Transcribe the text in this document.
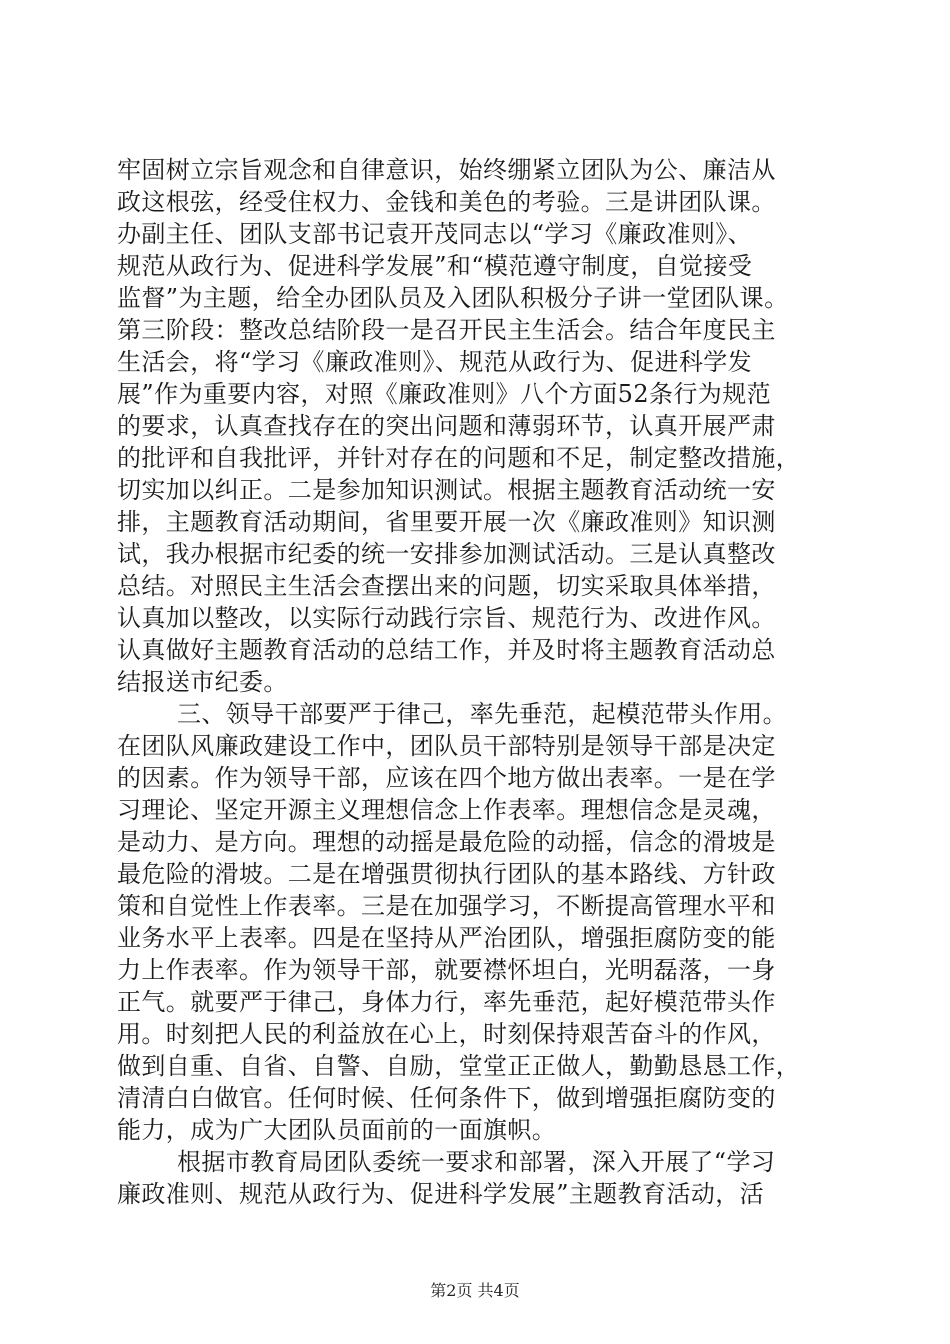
牢固树立宗旨观念和自律意识，始终绷紧立团队为公、廉洁从
政这根弦，经受住权力、金钱和美色的考验。三是讲团队课。
办副主任、团队支部书记袁开茂同志以“学习《廉政准则》、
规范从政行为、促进科学发展”和“模范遵守制度，自觉接受
监督”为主题，给全办团队员及入团队积极分子讲一堂团队课。
第三阶段：整改总结阶段一是召开民主生活会。结合年度民主
生活会，将“学习《廉政准则》、规范从政行为、促进科学发
展”作为重要内容，对照《廉政准则》八个方面52条行为规范
的要求，认真查找存在的突出问题和薄弱环节，认真开展严肃
的批评和自我批评，并针对存在的问题和不足，制定整改措施，
切实加以纠正。二是参加知识测试。根据主题教育活动统一安
排，主题教育活动期间，省里要开展一次《廉政准则》知识测
试，我办根据市纪委的统一安排参加测试活动。三是认真整改
总结。对照民主生活会查摆出来的问题，切实采取具体举措，
认真加以整改，以实际行动践行宗旨、规范行为、改进作风。
认真做好主题教育活动的总结工作，并及时将主题教育活动总
结报送市纪委。
三、领导干部要严于律己，率先垂范，起模范带头作用。
在团队风廉政建设工作中，团队员干部特别是领导干部是决定
的因素。作为领导干部，应该在四个地方做出表率。一是在学
习理论、坚定开源主义理想信念上作表率。理想信念是灵魂，
是动力、是方向。理想的动摇是最危险的动摇，信念的滑坡是
最危险的滑坡。二是在增强贯彻执行团队的基本路线、方针政
策和自觉性上作表率。三是在加强学习，不断提高管理水平和
业务水平上表率。四是在坚持从严治团队，增强拒腐防变的能
力上作表率。作为领导干部，就要襟怀坦白，光明磊落，一身
正气。就要严于律己，身体力行，率先垂范，起好模范带头作
用。时刻把人民的利益放在心上，时刻保持艰苦奋斗的作风，
做到自重、自省、自警、自励，堂堂正正做人，勤勤恳恳工作，
清清白白做官。任何时候、任何条件下，做到增强拒腐防变的
能力，成为广大团队员面前的一面旗帜。
根据市教育局团队委统一要求和部署，深入开展了“学习
廉政准则、规范从政行为、促进科学发展”主题教育活动，活
第2页 共4页
